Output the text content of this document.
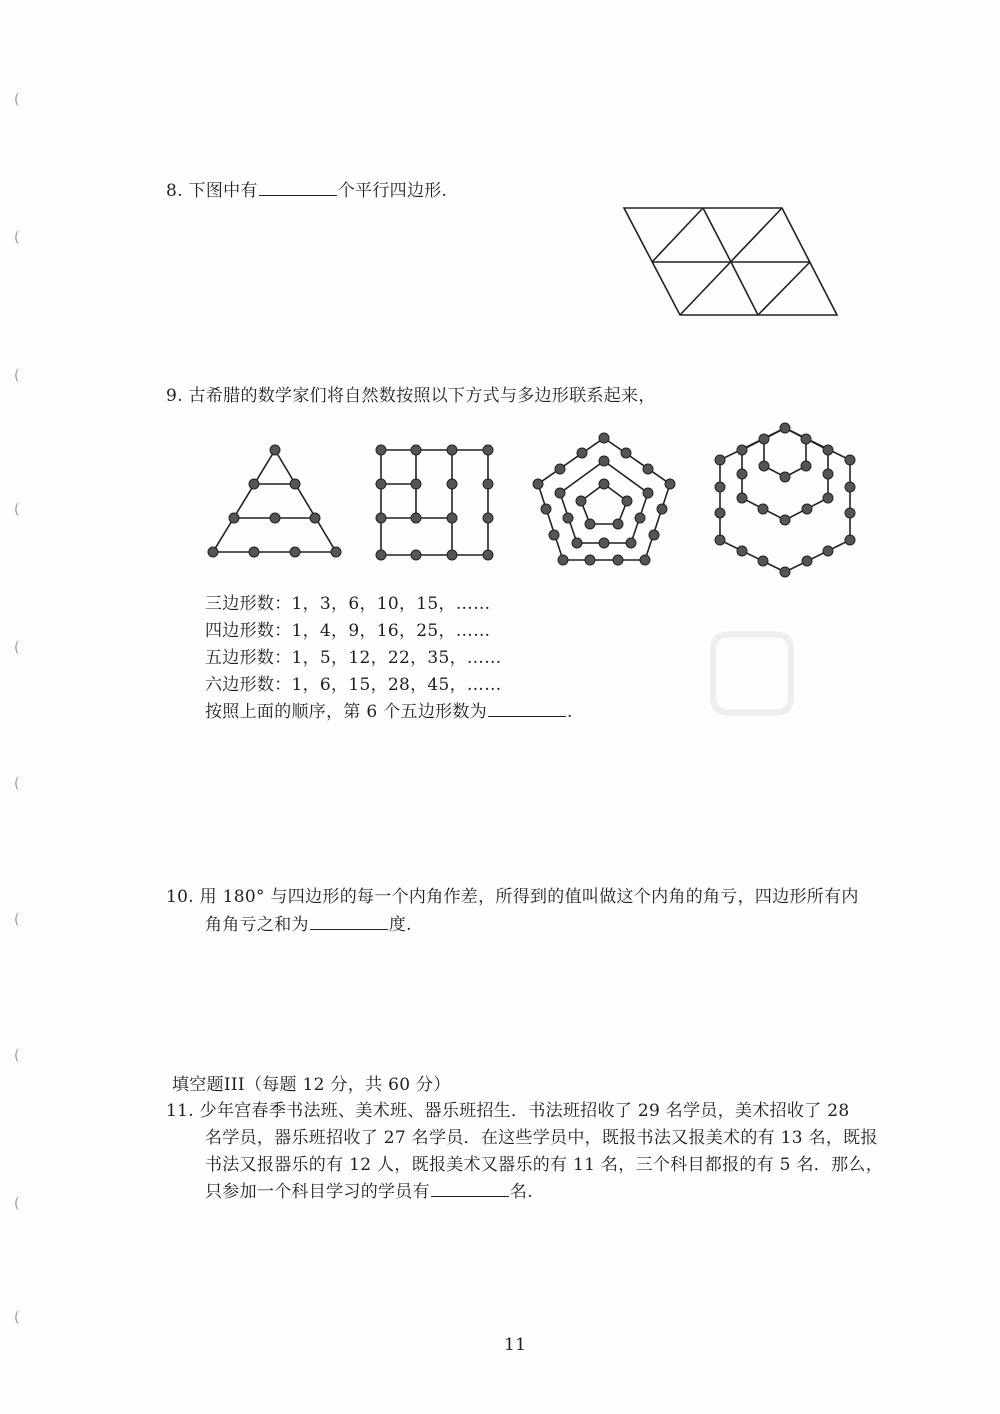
▢
(
(
(
(
(
(
(
(
(
(
8. 下图中有	个平行四边形.
9. 古希腊的数学家们将自然数按照以下方式与多边形联系起来，
三边形数：1，3，6，10，15，……
四边形数：1，4，9，16，25，……
五边形数：1，5，12，22，35，……
六边形数：1，6，15，28，45，……
按照上面的顺序，第 6 个五边形数为	.
10. 用 180° 与四边形的每一个内角作差，所得到的值叫做这个内角的角亏，四边形所有内
角角亏之和为	度.
填空题III（每题 12 分，共 60 分）
11. 少年宫春季书法班、美术班、器乐班招生．书法班招收了 29 名学员，美术招收了 28
名学员，器乐班招收了 27 名学员．在这些学员中，既报书法又报美术的有 13 名，既报
书法又报器乐的有 12 人，既报美术又器乐的有 11 名，三个科目都报的有 5 名．那么，
只参加一个科目学习的学员有	名.
11
